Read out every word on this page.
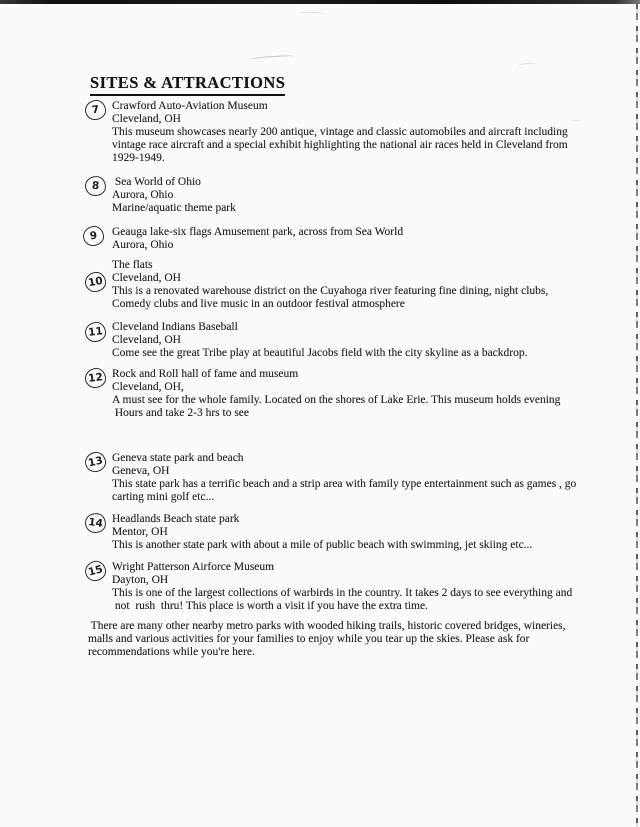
SITES & ATTRACTIONS
7	Crawford Auto-Aviation Museum
Cleveland, OH
This museum showcases nearly 200 antique, vintage and classic automobiles and aircraft including
vintage race aircraft and a special exhibit highlighting the national air races held in Cleveland from
1929-1949.
8	Sea World of Ohio
Aurora, Ohio
Marine/aquatic theme park
9	Geauga lake-six flags Amusement park, across from Sea World
Aurora, Ohio
The flats
10 Cleveland, OH
This is a renovated warehouse district on the Cuyahoga river featuring fine dining, night clubs,
Comedy clubs and live music in an outdoor festival atmosphere
11 Cleveland Indians Baseball
Cleveland, OH
Come see the great Tribe play at beautiful Jacobs field with the city skyline as a backdrop.
12 Rock and Roll hall of fame and museum
Cleveland, OH,
A must see for the whole family. Located on the shores of Lake Erie. This museum holds evening
Hours and take 2-3 hrs to see
13 Geneva state park and beach
Geneva, OH
This state park has a terrific beach and a strip area with family type entertainment such as games , go
carting mini golf etc...
14 Headlands Beach state park
Mentor, OH
This is another state park with about a mile of public beach with swimming, jet skiing etc...
15 Wright Patterson Airforce Museum
Dayton, OH
This is one of the largest collections of warbirds in the country. It takes 2 days to see everything and
not  rush  thru! This place is worth a visit if you have the extra time.
There are many other nearby metro parks with wooded hiking trails, historic covered bridges, wineries,
malls and various activities for your families to enjoy while you tear up the skies. Please ask for
recommendations while you're here.
